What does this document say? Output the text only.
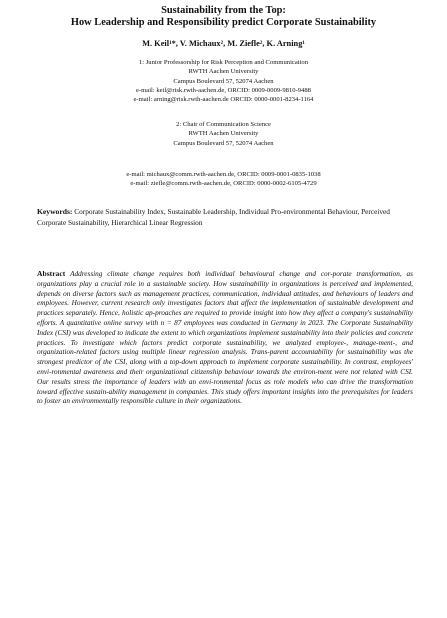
Sustainability from the Top:
How Leadership and Responsibility predict Corporate Sustainability
M. Keil¹*, V. Michaux², M. Ziefle², K. Arning¹
1: Junior Professorship for Risk Perception and Communication
RWTH Aachen University
Campus Boulevard 57, 52074 Aachen
e-mail: keil@risk.rwth-aachen.de, ORCID: 0009-0009-9810-9488
e-mail: arning@risk.rwth-aachen.de ORCID: 0000-0001-8234-1164
2: Chair of Communication Science
RWTH Aachen University
Campus Boulevard 57, 52074 Aachen
e-mail: michaux@comm.rwth-aachen.de, ORCID: 0009-0001-0835-1038
e-mail: ziefle@comm.rwth-aachen.de, ORCID: 0000-0002-6105-4729
Keywords: Corporate Sustainability Index, Sustainable Leadership, Individual Pro-environmental Behaviour, Perceived Corporate Sustainability, Hierarchical Linear Regression
Abstract Addressing climate change requires both individual behavioural change and cor-porate transformation, as organizations play a crucial role in a sustainable society. How sustainability in organizations is perceived and implemented, depends on diverse factors such as management practices, communication, individual attitudes, and behaviours of leaders and employees. However, current research only investigates factors that affect the implementation of sustainable development and practices separately. Hence, holistic ap-proaches are required to provide insight into how they affect a company's sustainability efforts. A quantitative online survey with n = 87 employees was conducted in Germany in 2023. The Corporate Sustainability Index (CSI) was developed to indicate the extent to which organizations implement sustainability into their policies and concrete practices. To investigate which factors predict corporate sustainability, we analyzed employee-, manage-ment-, and organization-related factors using multiple linear regression analysis. Trans-parent accountability for sustainability was the strongest predictor of the CSI, along with a top-down approach to implement corporate sustainability. In contrast, employees' envi-ronmental awareness and their organizational citizenship behaviour towards the environ-ment were not related with CSI. Our results stress the importance of leaders with an envi-ronmental focus as role models who can drive the transformation toward effective sustain-ability management in companies. This study offers important insights into the prerequisites for leaders to foster an environmentally responsible culture in their organizations.
